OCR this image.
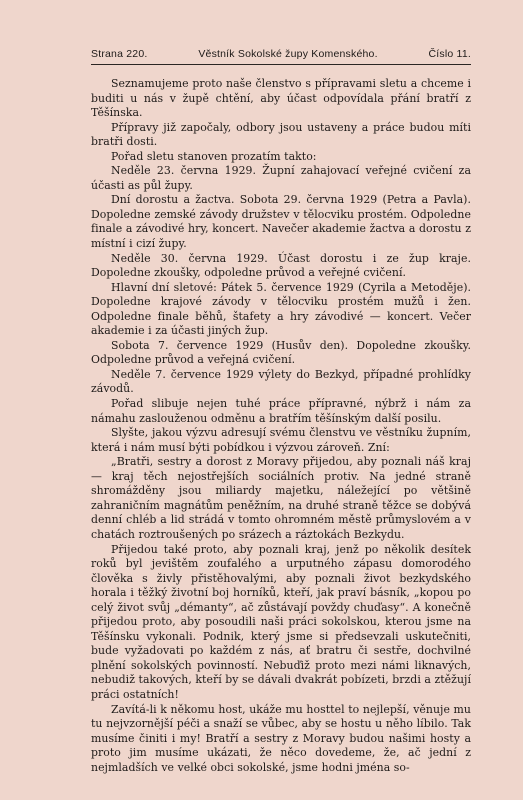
Strana 220.	Věstník Sokolské župy Komenského.	Číslo 11.

Seznamujeme proto naše členstvo s přípravami sletu a chceme i buditi u nás v župě chtění, aby účast odpovídala přání bratří z Těšínska.

Přípravy již započaly, odbory jsou ustaveny a práce budou míti bratři dosti.

Pořad sletu stanoven prozatím takto:

Neděle 23. června 1929. Župní zahajovací veřejné cvičení za účasti as půl župy.

Dní dorostu a žactva. Sobota 29. června 1929 (Petra a Pavla). Dopoledne zemské závody družstev v tělocviku prostém. Odpoledne finale a závodivé hry, koncert. Navečer akademie žactva a dorostu z místní i cizí župy.

Neděle 30. června 1929. Účast dorostu i ze žup kraje. Dopoledne zkoušky, odpoledne průvod a veřejné cvičení.

Hlavní dní sletové: Pátek 5. července 1929 (Cyrila a Metoděje). Dopoledne krajové závody v tělocviku prostém mužů i žen. Odpoledne finale běhů, štafety a hry závodivé — koncert. Večer akademie i za účasti jiných žup.

Sobota 7. července 1929 (Husův den). Dopoledne zkoušky. Odpoledne průvod a veřejná cvičení.

Neděle 7. července 1929 výlety do Bezkyd, případné prohlídky závodů.

Pořad slibuje nejen tuhé práce přípravné, nýbrž i nám za námahu zaslouženou odměnu a bratřím těšínským další posilu.

Slyšte, jakou výzvu adresují svému členstvu ve věstníku župním, která i nám musí býti pobídkou i výzvou zároveň. Zní:

„Bratři, sestry a dorost z Moravy přijedou, aby poznali náš kraj — kraj těch nejostřejších sociálních protiv. Na jedné straně shromážděny jsou miliardy majetku, náležející po většině zahraničním magnátům peněžním, na druhé straně těžce se dobývá denní chléb a lid strádá v tomto ohromném městě průmyslovém a v chatách roztroušených po srázech a ráztokách Bezkydu.

Přijedou také proto, aby poznali kraj, jenž po několik desítek roků byl jevištěm zoufalého a urputného zápasu domorodého člověka s živly přistěhovalými, aby poznali život bezkydského horala i těžký životní boj horníků, kteří, jak praví básník, „kopou po celý život svůj „démanty“, ač zůstávají povždy chuďasy“. A konečně přijedou proto, aby posoudili naši práci sokolskou, kterou jsme na Těšínsku vykonali. Podnik, který jsme si předsevzali uskutečniti, bude vyžadovati po každém z nás, ať bratru či sestře, dochvilné plnění sokolských povinností. Nebuďiž proto mezi námi liknavých, nebudiž takových, kteří by se dávali dvakrát pobízeti, brzdi a ztěžují práci ostatních!

Zavítá-li k někomu host, ukáže mu hosttel to nejlepší, věnuje mu tu nejvzornější péči a snaží se vůbec, aby se hostu u něho líbilo. Tak musíme činiti i my! Bratří a sestry z Moravy budou našimi hosty a proto jim musíme ukázati, že něco dovedeme, že, ač jední z nejmladších ve velké obci sokolské, jsme hodni jména so-
